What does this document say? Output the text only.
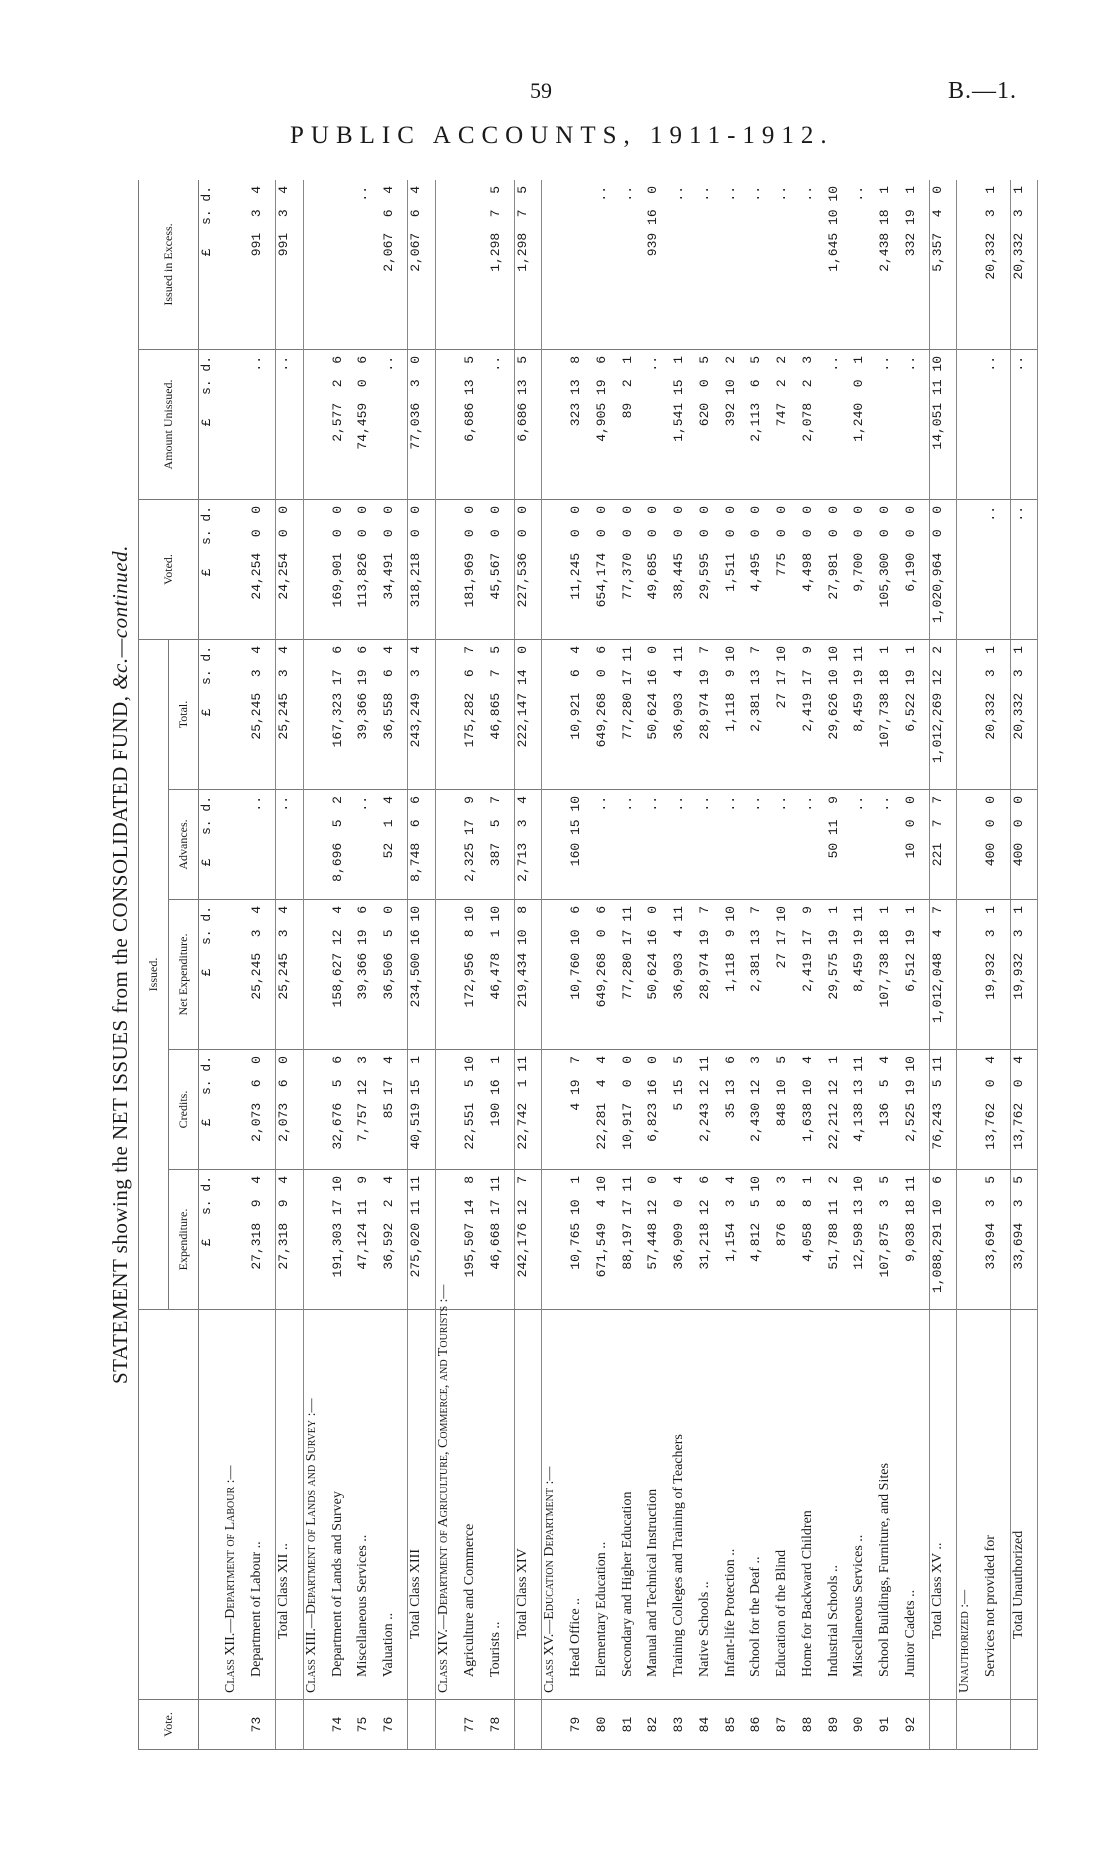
59	B.—1.
PUBLIC ACCOUNTS, 1911-1912.
STATEMENT showing the NET ISSUES from the CONSOLIDATED FUND, &c.—continued.
Vote.		Issued.					Voted.	Amount Unissued.	Issued in Excess.
		Expenditure.	Credits.	Net Expenditure.	Advances.	Total.			
		£   s. d.	£   s. d.	£   s. d.	£   s. d.	£   s. d.	£   s. d.	£   s. d.	£   s. d.
	Class XII.—Department of Labour :—								
73	Department of Labour ..	27,318  9  4	2,073  6  0	25,245  3  4	..	25,245  3  4	24,254  0  0	..	991  3  4
	Total Class XII ..	27,318  9  4	2,073  6  0	25,245  3  4	..	25,245  3  4	24,254  0  0	..	991  3  4
	Class XIII.—Department of Lands and Survey :—								
74	Department of Lands and Survey	191,303 17 10	32,676  5  6	158,627 12  4	8,696  5  2	167,323 17  6	169,901  0  0	2,577  2  6	
75	Miscellaneous Services ..	47,124 11  9	7,757 12  3	39,366 19  6	..	39,366 19  6	113,826  0  0	74,459  0  6	..
76	Valuation ..	36,592  2  4	85 17  4	36,506  5  0	52  1  4	36,558  6  4	34,491  0  0	..	2,067  6  4
	Total Class XIII	275,020 11 11	40,519 15  1	234,500 16 10	8,748  6  6	243,249  3  4	318,218  0  0	77,036  3  0	2,067  6  4
	Class XIV.—Department of Agriculture, Commerce, and Tourists :—								
77	Agriculture and Commerce	195,507 14  8	22,551  5 10	172,956  8 10	2,325 17  9	175,282  6  7	181,969  0  0	6,686 13  5	
78	Tourists ..	46,668 17 11	190 16  1	46,478  1 10	387  5  7	46,865  7  5	45,567  0  0	..	1,298  7  5
	Total Class XIV	242,176 12  7	22,742  1 11	219,434 10  8	2,713  3  4	222,147 14  0	227,536  0  0	6,686 13  5	1,298  7  5
	Class XV.—Education Department :—								
79	Head Office ..	10,765 10  1	4 19  7	10,760 10  6	160 15 10	10,921  6  4	11,245  0  0	323 13  8	
80	Elementary Education ..	671,549  4 10	22,281  4  4	649,268  0  6	..	649,268  0  6	654,174  0  0	4,905 19  6	..
81	Secondary and Higher Education	88,197 17 11	10,917  0  0	77,280 17 11	..	77,280 17 11	77,370  0  0	89  2  1	..
82	Manual and Technical Instruction	57,448 12  0	6,823 16  0	50,624 16  0	..	50,624 16  0	49,685  0  0	..	939 16  0
83	Training Colleges and Training of Teachers	36,909  0  4	5 15  5	36,903  4 11	..	36,903  4 11	38,445  0  0	1,541 15  1	..
84	Native Schools ..	31,218 12  6	2,243 12 11	28,974 19  7	..	28,974 19  7	29,595  0  0	620  0  5	..
85	Infant-life Protection ..	1,154  3  4	35 13  6	1,118  9 10	..	1,118  9 10	1,511  0  0	392 10  2	..
86	School for the Deaf ..	4,812  5 10	2,430 12  3	2,381 13  7	..	2,381 13  7	4,495  0  0	2,113  6  5	..
87	Education of the Blind	876  8  3	848 10  5	27 17 10	..	27 17 10	775  0  0	747  2  2	..
88	Home for Backward Children	4,058  8  1	1,638 10  4	2,419 17  9	..	2,419 17  9	4,498  0  0	2,078  2  3	..
89	Industrial Schools ..	51,788 11  2	22,212 12  1	29,575 19  1	50 11  9	29,626 10 10	27,981  0  0	..	1,645 10 10
90	Miscellaneous Services ..	12,598 13 10	4,138 13 11	8,459 19 11	..	8,459 19 11	9,700  0  0	1,240  0  1	..
91	School Buildings, Furniture, and Sites	107,875  3  5	136  5  4	107,738 18  1	..	107,738 18  1	105,300  0  0	..	2,438 18  1
92	Junior Cadets ..	9,038 18 11	2,525 19 10	6,512 19  1	10  0  0	6,522 19  1	6,190  0  0	..	332 19  1
	Total Class XV ..	1,088,291 10  6	76,243  5 11	1,012,048  4  7	221  7  7	1,012,269 12  2	1,020,964  0  0	14,051 11 10	5,357  4  0
	Unauthorized :—								
	Services not provided for	33,694  3  5	13,762  0  4	19,932  3  1	400  0  0	20,332  3  1	..	..	20,332  3  1
	Total Unauthorized	33,694  3  5	13,762  0  4	19,932  3  1	400  0  0	20,332  3  1	..	..	20,332  3  1
